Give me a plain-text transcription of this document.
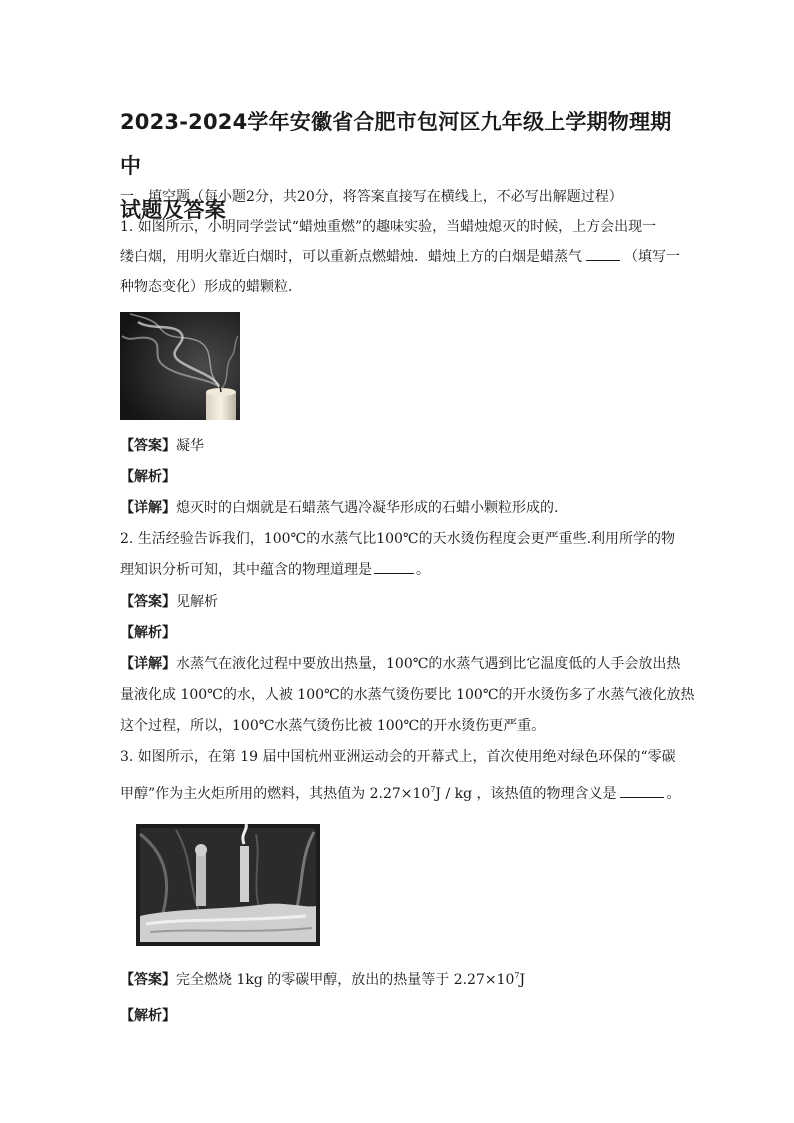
2023-2024学年安徽省合肥市包河区九年级上学期物理期中
试题及答案
一、填空题（每小题2分，共20分，将答案直接写在横线上，不必写出解题过程）
1. 如图所示，小明同学尝试“蜡烛重燃”的趣味实验，当蜡烛熄灭的时候，上方会出现一
缕白烟，用明火靠近白烟时，可以重新点燃蜡烛．蜡烛上方的白烟是蜡蒸气	（填写一
种物态变化）形成的蜡颗粒．
【答案】凝华
【解析】
【详解】熄灭时的白烟就是石蜡蒸气遇冷凝华形成的石蜡小颗粒形成的.
2. 生活经验告诉我们，100℃的水蒸气比100℃的天水烫伤程度会更严重些.利用所学的物
理知识分析可知，其中蕴含的物理道理是	。
【答案】见解析
【解析】
【详解】水蒸气在液化过程中要放出热量，100℃的水蒸气遇到比它温度低的人手会放出热
量液化成 100℃的水，人被 100℃的水蒸气烫伤要比 100℃的开水烫伤多了水蒸气液化放热
这个过程，所以，100℃水蒸气烫伤比被 100℃的开水烫伤更严重。
3. 如图所示，在第 19 届中国杭州亚洲运动会的开幕式上，首次使用绝对绿色环保的“零碳
甲醇”作为主火炬所用的燃料，其热值为 $2.27\times 10^7J$ / kg ，该热值的物理含义是	。
【答案】完全燃烧 1kg 的零碳甲醇，放出的热量等于 $2.27\times 10^7J$
【解析】
